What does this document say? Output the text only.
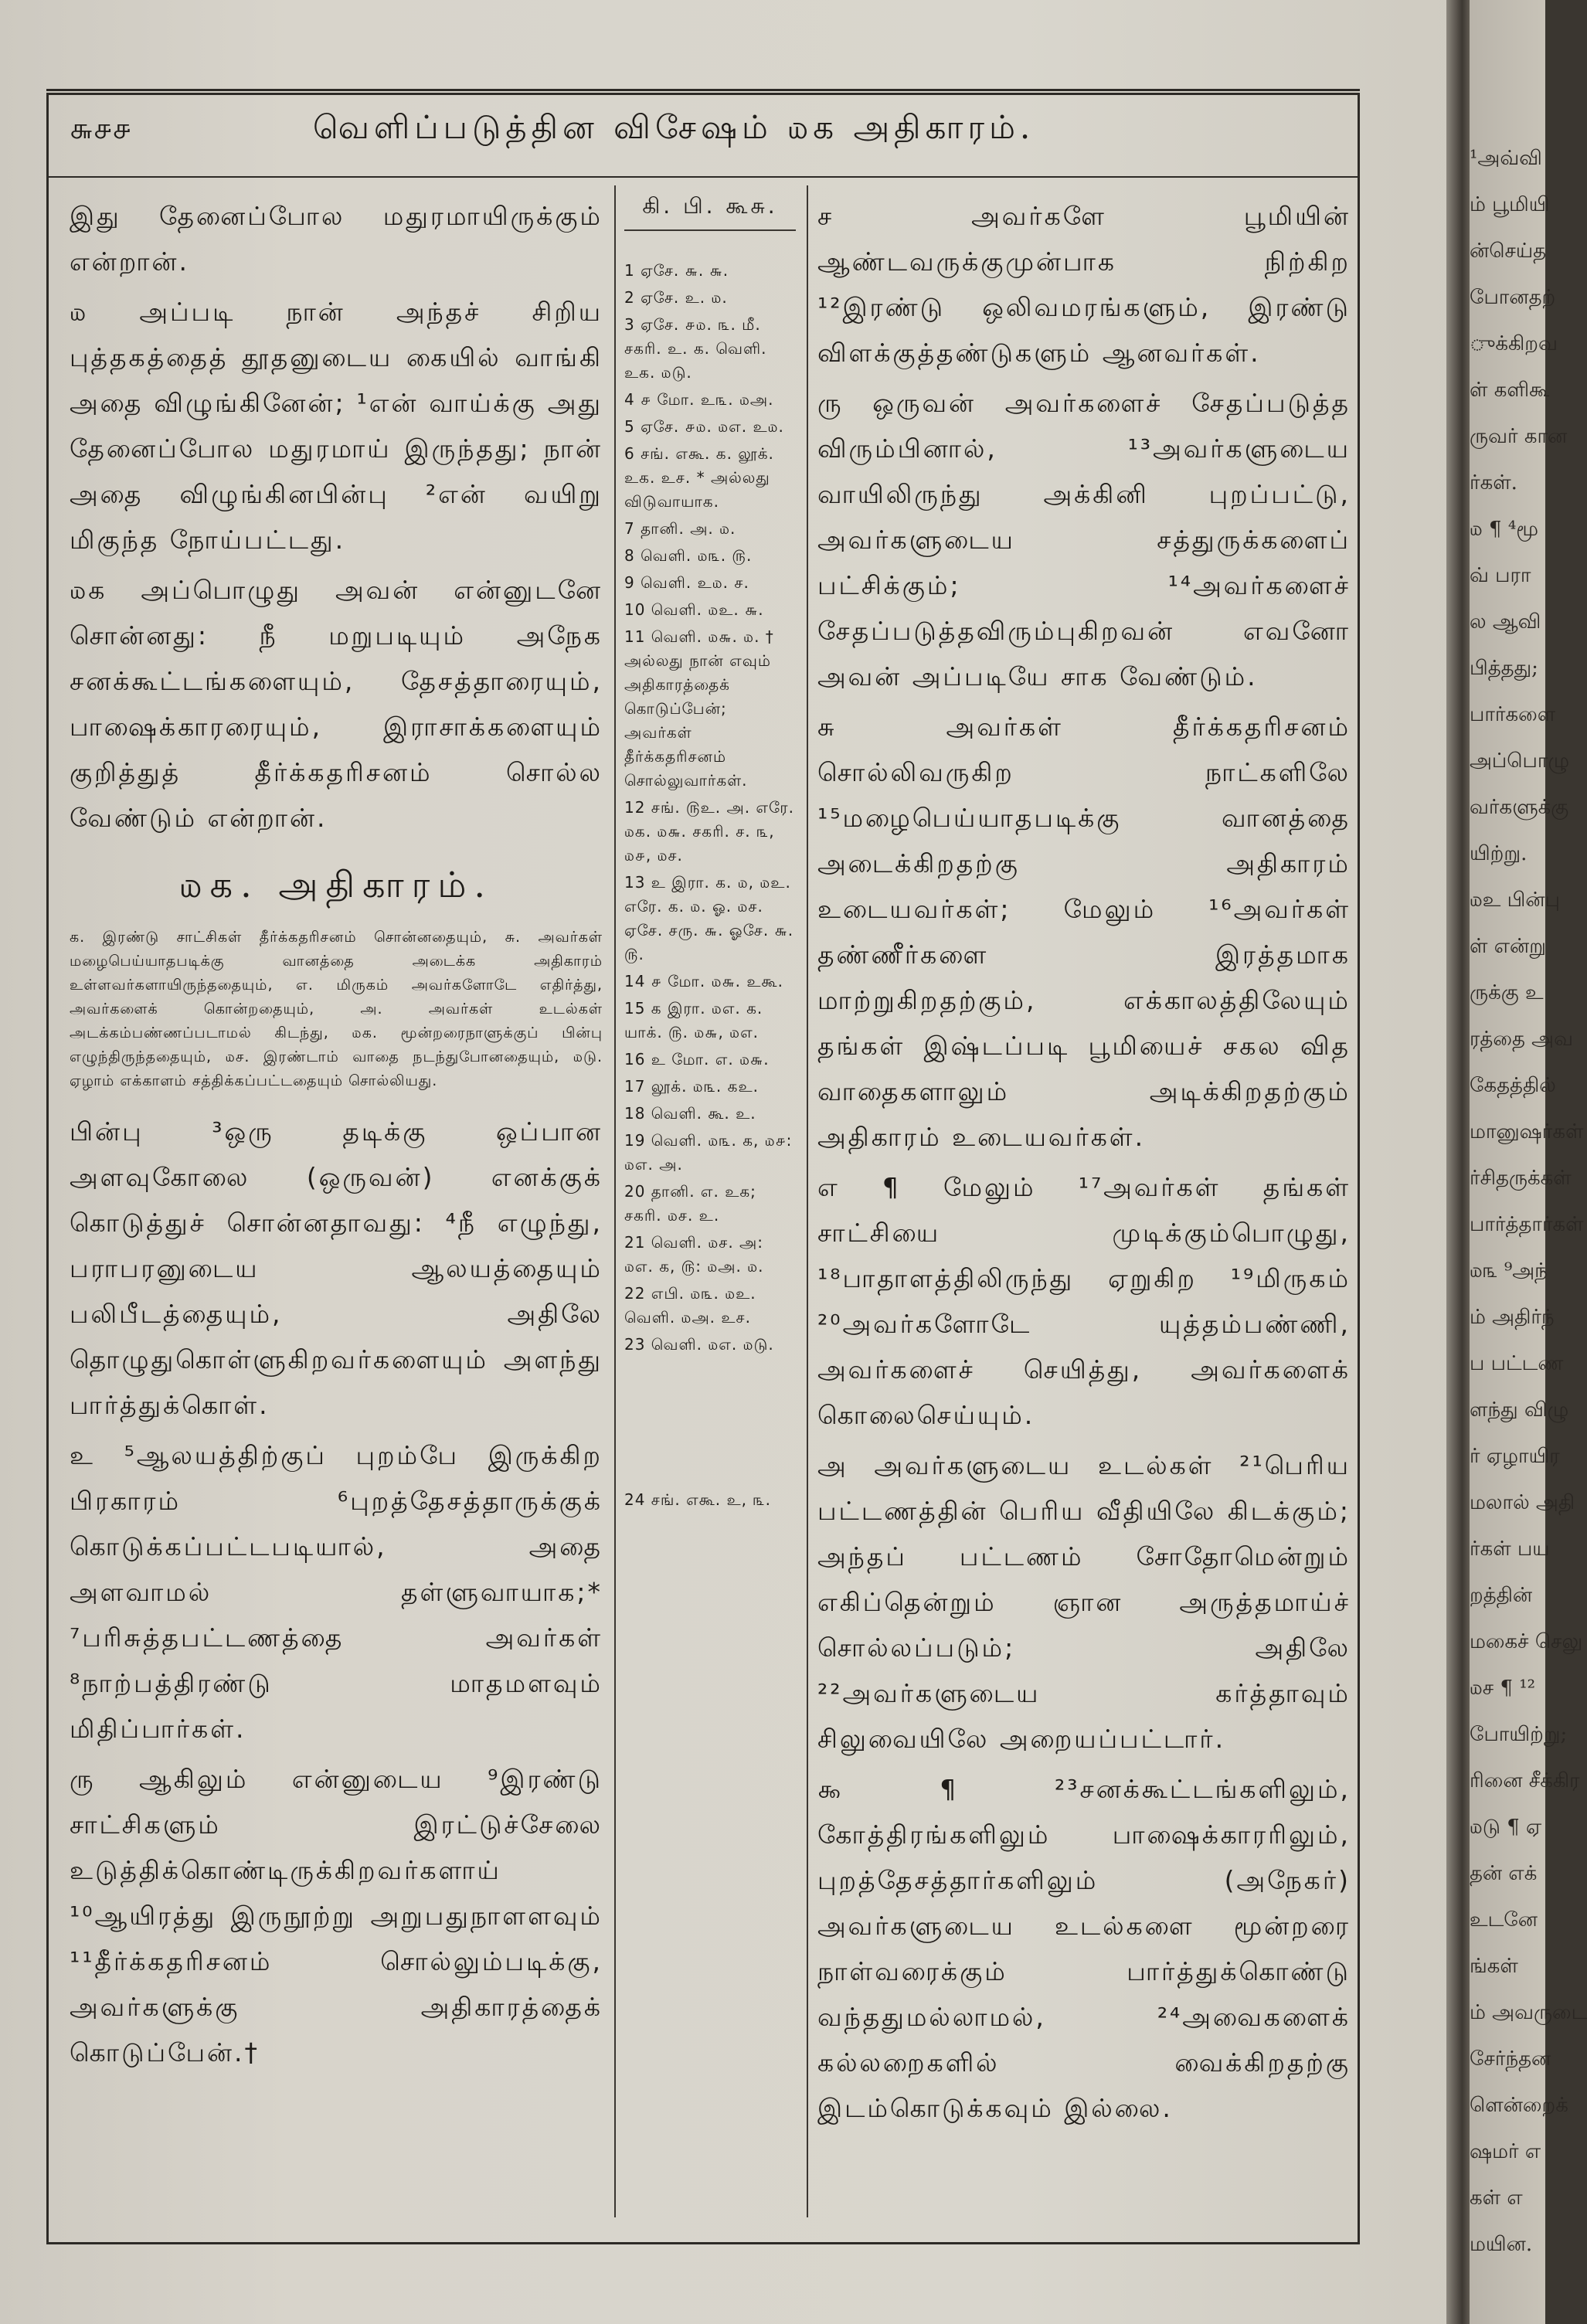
௬௪௪	வெளிப்படுத்தின விசேஷம் ௰க அதிகாரம்.

இது தேனைப்போல மதுரமாயிருக்கும் என்றான்.

௰ அப்படி நான் அந்தச் சிறிய புத்தகத்தைத் தூதனுடைய கையில் வாங்கி அதை விழுங்கினேன்; ¹என் வாய்க்கு அது தேனைப்போல மதுரமாய் இருந்தது; நான் அதை விழுங்கினபின்பு ²என் வயிறு மிகுந்த நோய்பட்டது.

௰க அப்பொழுது அவன் என்னுடனே சொன்னது: நீ மறுபடியும் அநேக சனக்கூட்டங்களையும், தேசத்தாரையும், பாஷைக்காரரையும், இராசாக்களையும் குறித்துத் தீர்க்கதரிசனம் சொல்ல வேண்டும் என்றான்.

௰க. அதிகாரம்.

க. இரண்டு சாட்சிகள் தீர்க்கதரிசனம் சொன்னதையும், சு. அவர்கள் மழைபெய்யாதபடிக்கு வானத்தை அடைக்க அதிகாரம் உள்ளவர்களாயிருந்ததையும், எ. மிருகம் அவர்களோடே எதிர்த்து, அவர்களைக் கொன்றதையும், அ. அவர்கள் உடல்கள் அடக்கம்பண்ணப்படாமல் கிடந்து, ௰க. மூன்றரைநாளுக்குப் பின்பு எழுந்திருந்ததையும், ௰ச. இரண்டாம் வாதை நடந்துபோனதையும், ௰டு. ஏழாம் எக்காளம் சத்திக்கப்பட்டதையும் சொல்லியது.

பின்பு ³ஒரு தடிக்கு ஒப்பான அளவுகோலை (ஒருவன்) எனக்குக் கொடுத்துச் சொன்னதாவது: ⁴நீ எழுந்து, பராபரனுடைய ஆலயத்தையும் பலிபீடத்தையும், அதிலே தொழுதுகொள்ளுகிறவர்களையும் அளந்து பார்த்துக்கொள்.

உ ⁵ஆலயத்திற்குப் புறம்பே இருக்கிற பிரகாரம் ⁶புறத்தேசத்தாருக்குக் கொடுக்கப்பட்டபடியால், அதை அளவாமல் தள்ளுவாயாக;* ⁷பரிசுத்தபட்டணத்தை அவர்கள் ⁸நாற்பத்திரண்டு மாதமளவும் மிதிப்பார்கள்.

ரு ஆகிலும் என்னுடைய ⁹இரண்டு சாட்சிகளும் இரட்டுச்சேலை உடுத்திக்கொண்டிருக்கிறவர்களாய் ¹⁰ஆயிரத்து இருநூற்று அறுபதுநாளளவும் ¹¹தீர்க்கதரிசனம் சொல்லும்படிக்கு, அவர்களுக்கு அதிகாரத்தைக் கொடுப்பேன்.†

கி. பி. கூசு.
1 ஏசே. ௬. ௬.
2 ஏசே. உ. ௰.
3 ஏசே. ௪௰. ௩. மீ. சகரி. உ. க. வெளி. உக. ௰டு.
4 ௪ மோ. உ௩. ௰அ.
5 ஏசே. ௪௰. ௰எ. உ௰.
6 சங். எகூ. க. லூக். உக. உச. * அல்லது விடுவாயாக.
7 தானி. அ. ௰.
8 வெளி. ௰௩. ௫.
9 வெளி. உ௰. ச.
10 வெளி. ௰உ. ௬.
11 வெளி. ௰௬. ௰. † அல்லது நான் எவும் அதிகாரத்தைக் கொடுப்பேன்; அவர்கள் தீர்க்கதரிசனம் சொல்லுவார்கள்.
12 சங். ௫உ. அ. எரே. ௰க. ௰௬. சகரி. ச. ௩, ௰௪, ௰ச.
13 உ இரா. க. ௰, ௰உ. எரே. க. ௰. ஓ. ௰ச. ஏசே. சரு. ௬. ஓசே. ௬. ௫.
14 ௪ மோ. ௰௬. உகூ.
15 க இரா. ௰எ. க. யாக். ௫. ௰௬, ௰எ.
16 உ மோ. எ. ௰௬.
17 லூக். ௰௩. கஉ.
18 வெளி. கூ. உ.
19 வெளி. ௰௩. க, ௰௪: ௰எ. அ.
20 தானி. எ. உக; சகரி. ௰ச. உ.
21 வெளி. ௰ச. அ: ௰எ. க, ௫: ௰அ. ௰.
22 எபி. ௰௩. ௰உ. வெளி. ௰அ. உச.
23 வெளி. ௰எ. ௰டு.
24 சங். எகூ. உ, ௩.

ச அவர்களே பூமியின் ஆண்டவருக்குமுன்பாக நிற்கிற ¹²இரண்டு ஒலிவமரங்களும், இரண்டு விளக்குத்தண்டுகளும் ஆனவர்கள்.

ரு ஒருவன் அவர்களைச் சேதப்படுத்த விரும்பினால், ¹³அவர்களுடைய வாயிலிருந்து அக்கினி புறப்பட்டு, அவர்களுடைய சத்துருக்களைப் பட்சிக்கும்; ¹⁴அவர்களைச் சேதப்படுத்தவிரும்புகிறவன் எவனோ அவன் அப்படியே சாக வேண்டும்.

சு அவர்கள் தீர்க்கதரிசனம் சொல்லிவருகிற நாட்களிலே ¹⁵மழைபெய்யாதபடிக்கு வானத்தை அடைக்கிறதற்கு அதிகாரம் உடையவர்கள்; மேலும் ¹⁶அவர்கள் தண்ணீர்களை இரத்தமாக மாற்றுகிறதற்கும், எக்காலத்திலேயும் தங்கள் இஷ்டப்படி பூமியைச் சகல வித வாதைகளாலும் அடிக்கிறதற்கும் அதிகாரம் உடையவர்கள்.

எ ¶ மேலும் ¹⁷அவர்கள் தங்கள் சாட்சியை முடிக்கும்பொழுது, ¹⁸பாதாளத்திலிருந்து ஏறுகிற ¹⁹மிருகம் ²⁰அவர்களோடே யுத்தம்பண்ணி, அவர்களைச் செயித்து, அவர்களைக் கொலைசெய்யும்.

அ அவர்களுடைய உடல்கள் ²¹பெரிய பட்டணத்தின் பெரிய வீதியிலே கிடக்கும்; அந்தப் பட்டணம் சோதோமென்றும் எகிப்தென்றும் ஞான அருத்தமாய்ச் சொல்லப்படும்; அதிலே ²²அவர்களுடைய கர்த்தாவும் சிலுவையிலே அறையப்பட்டார்.

௯ ¶ ²³சனக்கூட்டங்களிலும், கோத்திரங்களிலும் பாஷைக்காரரிலும், புறத்தேசத்தார்களிலும் (அநேகர்) அவர்களுடைய உடல்களை மூன்றரை நாள்வரைக்கும் பார்த்துக்கொண்டு வந்ததுமல்லாமல், ²⁴அவைகளைக் கல்லறைகளில் வைக்கிறதற்கு இடம்கொடுக்கவும் இல்லை.

¹அவ்வி
ம் பூமியி
ன்செய்த
போனதற்
ுக்கிறவ
ள் களிகூ
ருவர் கான
ர்கள்.
௰ ¶ ⁴மூ
வ் பரா
ல ஆவி
பித்தது;
பார்களை
அப்பொழு
வர்களுக்கு
யிற்று.
௰உ பின்பு
ள் என்று
ருக்கு உ
ரத்தை அவ
கேதத்தில்
மானுஷர்கள்
ர்சிதருக்கள்
பார்த்தார்கள்
௰௩ ⁹அந்
ம் அதிர்ந்
ப பட்டண
ளந்து விழு
ர் ஏழாயிர
மலால் அதி
ர்கள் பய
றத்தின்
மகைச் செலு
௰ச ¶ ¹²
போயிற்று;
ரினை சீக்கிர
௰டு ¶ ஏ
தன் எக்
உடனே
ங்கள்
ம் அவருடை
சேர்ந்தன
ளென்றைக்
ஷமர் எ
கள் எ
மயின.
